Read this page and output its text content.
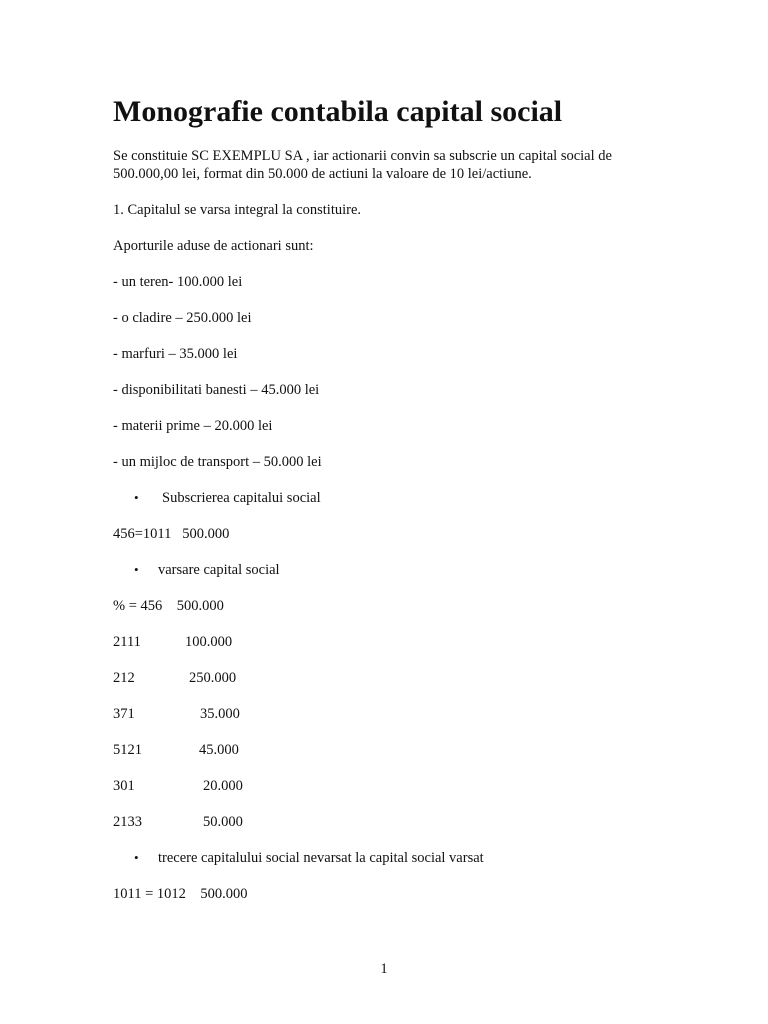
Monografie contabila capital social

Se constituie SC EXEMPLU SA , iar actionarii convin sa subscrie un capital social de 500.000,00 lei, format din 50.000 de actiuni la valoare de 10 lei/actiune.

1. Capitalul se varsa integral la constituire.

Aporturile aduse de actionari sunt:

- un teren- 100.000 lei

- o cladire – 250.000 lei

- marfuri – 35.000 lei

- disponibilitati banesti – 45.000 lei

- materii prime – 20.000 lei

- un mijloc de transport – 50.000 lei

• Subscrierea capitalui social

456=1011   500.000

• varsare capital social

% = 456    500.000

2111	100.000
212	250.000
371	35.000
5121	45.000
301	20.000
2133	50.000
• trecere capitalului social nevarsat la capital social varsat

1011 = 1012    500.000

1
